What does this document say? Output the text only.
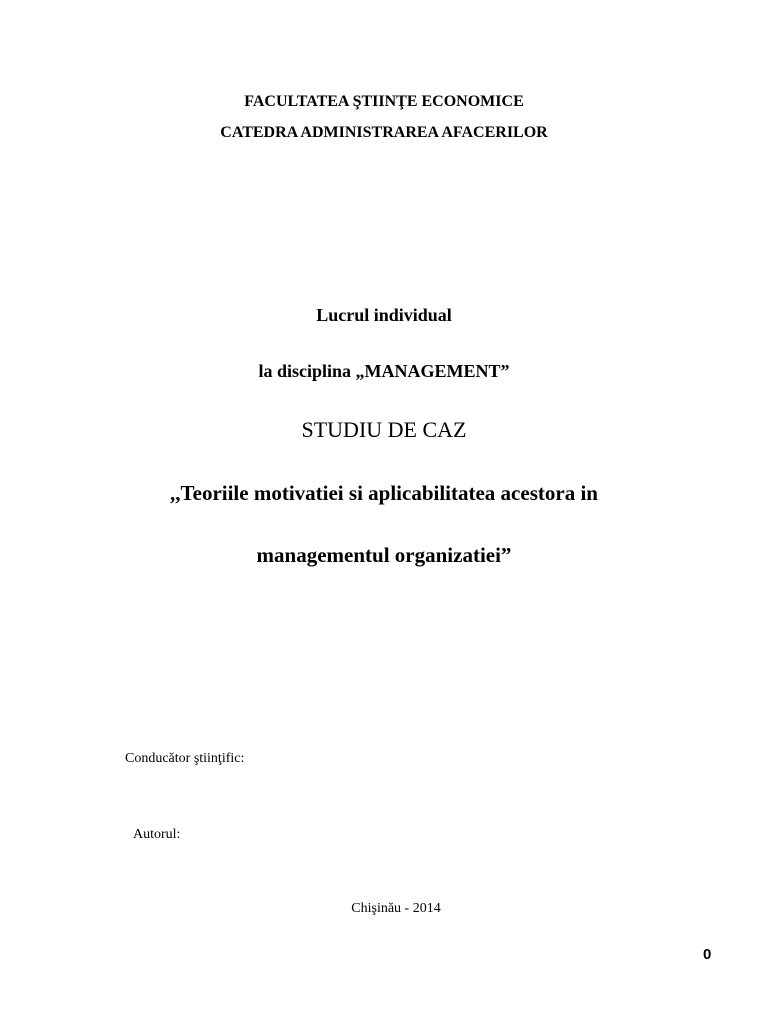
FACULTATEA ŞTIINŢE ECONOMICE
CATEDRA ADMINISTRAREA AFACERILOR
Lucrul individual
la disciplina „MANAGEMENT”
STUDIU DE CAZ
,,Teoriile motivatiei si aplicabilitatea acestora in
managementul organizatiei”
Conducător ştiinţific:
Autorul:
Chişinău - 2014
0
